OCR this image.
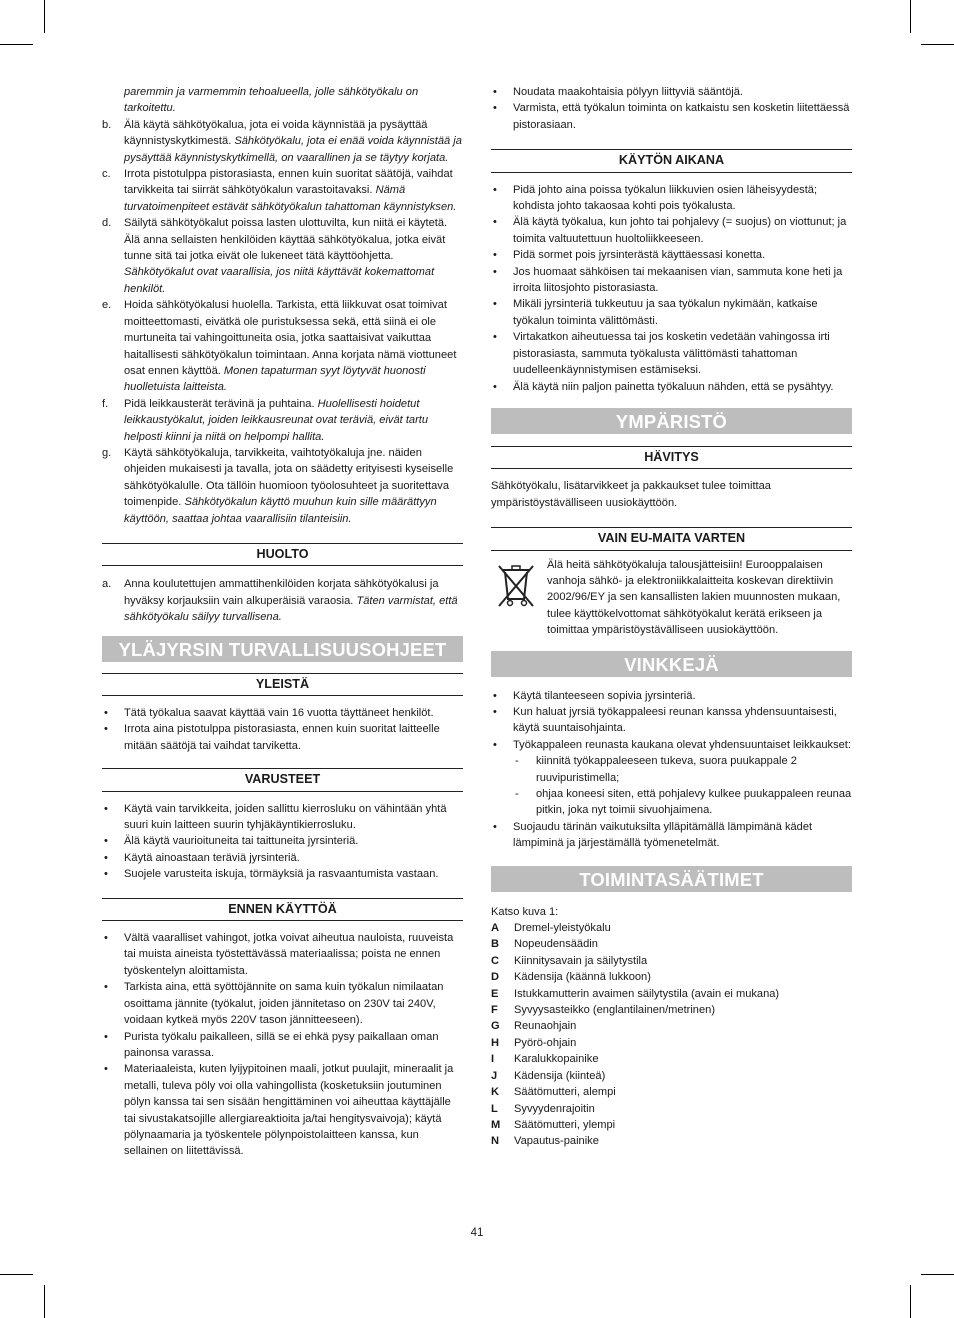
paremmin ja varmemmin tehoalueella, jolle sähkötyökalu on tarkoitettu.

b. Älä käytä sähkötyökalua, jota ei voida käynnistää ja pysäyttää käynnistyskytkimestä. Sähkötyökalu, jota ei enää voida käynnistää ja pysäyttää käynnistyskytkimellä, on vaarallinen ja se täytyy korjata.
c. Irrota pistotulppa pistorasiasta, ennen kuin suoritat säätöjä, vaihdat tarvikkeita tai siirrät sähkötyökalun varastoitavaksi. Nämä turvatoimenpiteet estävät sähkötyökalun tahattoman käynnistyksen.
d. Säilytä sähkötyökalut poissa lasten ulottuvilta, kun niitä ei käytetä. Älä anna sellaisten henkilöiden käyttää sähkötyökalua, jotka eivät tunne sitä tai jotka eivät ole lukeneet tätä käyttöohjetta. Sähkötyökalut ovat vaarallisia, jos niitä käyttävät kokemattomat henkilöt.
e. Hoida sähkötyökalusi huolella. Tarkista, että liikkuvat osat toimivat moitteettomasti, eivätkä ole puristuksessa sekä, että siinä ei ole murtuneita tai vahingoittuneita osia, jotka saattaisivat vaikuttaa haitallisesti sähkötyökalun toimintaan. Anna korjata nämä viottuneet osat ennen käyttöä. Monen tapaturman syyt löytyvät huonosti huolletuista laitteista.
f. Pidä leikkausterät terävinä ja puhtaina. Huolellisesti hoidetut leikkaustyökalut, joiden leikkausreunat ovat teräviä, eivät tartu helposti kiinni ja niitä on helpompi hallita.
g. Käytä sähkötyökaluja, tarvikkeita, vaihtotyökaluja jne. näiden ohjeiden mukaisesti ja tavalla, jota on säädetty erityisesti kyseiselle sähkötyökalulle. Ota tällöin huomioon työolosuhteet ja suoritettava toimenpide. Sähkötyökalun käyttö muuhun kuin sille määrättyyn käyttöön, saattaa johtaa vaarallisiin tilanteisiin.
HUOLTO
a. Anna koulutettujen ammattihenkilöiden korjata sähkötyökalusi ja hyväksy korjauksiin vain alkuperäisiä varaosia. Täten varmistat, että sähkötyökalu säilyy turvallisena.
YLÄJYRSIN TURVALLISUUSOHJEET
YLEISTÄ
• Tätä työkalua saavat käyttää vain 16 vuotta täyttäneet henkilöt.
• Irrota aina pistotulppa pistorasiasta, ennen kuin suoritat laitteelle mitään säätöjä tai vaihdat tarviketta.
VARUSTEET
• Käytä vain tarvikkeita, joiden sallittu kierrosluku on vähintään yhtä suuri kuin laitteen suurin tyhjäkäyntikierrosluku.
• Älä käytä vaurioituneita tai taittuneita jyrsinteriä.
• Käytä ainoastaan teräviä jyrsinteriä.
• Suojele varusteita iskuja, törmäyksiä ja rasvaantumista vastaan.
ENNEN KÄYTTÖÄ
• Vältä vaaralliset vahingot, jotka voivat aiheutua nauloista, ruuveista tai muista aineista työstettävässä materiaalissa; poista ne ennen työskentelyn aloittamista.
• Tarkista aina, että syöttöjännite on sama kuin työkalun nimilaatan osoittama jännite (työkalut, joiden jännitetaso on 230V tai 240V, voidaan kytkeä myös 220V tason jännitteeseen).
• Purista työkalu paikalleen, sillä se ei ehkä pysy paikallaan oman painonsa varassa.
• Materiaaleista, kuten lyijypitoinen maali, jotkut puulajit, mineraalit ja metalli, tuleva pöly voi olla vahingollista (kosketuksiin joutuminen pölyn kanssa tai sen sisään hengittäminen voi aiheuttaa käyttäjälle tai sivustakatsojille allergiareaktioita ja/tai hengitysvaivoja); käytä pölynaamaria ja työskentele pölynpoistolaitteen kanssa, kun sellainen on liitettävissä.
• Noudata maakohtaisia pölyyn liittyviä sääntöjä.
• Varmista, että työkalun toiminta on katkaistu sen kosketin liitettäessä pistorasiaan.
KÄYTÖN AIKANA
• Pidä johto aina poissa työkalun liikkuvien osien läheisyydestä; kohdista johto takaosaa kohti pois työkalusta.
• Älä käytä työkalua, kun johto tai pohjalevy (= suojus) on viottunut; ja toimita valtuutettuun huoltoliikkeeseen.
• Pidä sormet pois jyrsinterästä käyttäessasi konetta.
• Jos huomaat sähköisen tai mekaanisen vian, sammuta kone heti ja irroita liitosjohto pistorasiasta.
• Mikäli jyrsinteriä tukkeutuu ja saa työkalun nykimään, katkaise työkalun toiminta välittömästi.
• Virtakatkon aiheutuessa tai jos kosketin vedetään vahingossa irti pistorasiasta, sammuta työkalusta välittömästi tahattoman uudelleenkäynnistymisen estämiseksi.
• Älä käytä niin paljon painetta työkaluun nähden, että se pysähtyy.
YMPÄRISTÖ
HÄVITYS

Sähkötyökalu, lisätarvikkeet ja pakkaukset tulee toimittaa ympäristöystävälliseen uusiokäyttöön.

VAIN EU-MAITA VARTEN

Älä heitä sähkötyökaluja talousjätteisiin! Eurooppalaisen vanhoja sähkö- ja elektroniikkalaitteita koskevan direktiivin 2002/96/EY ja sen kansallisten lakien muunnosten mukaan, tulee käyttökelvottomat sähkötyökalut kerätä erikseen ja toimittaa ympäristöystävälliseen uusiokäyttöön.

VINKKEJÄ
• Käytä tilanteeseen sopivia jyrsinteriä.
• Kun haluat jyrsiä työkappaleesi reunan kanssa yhdensuuntaisesti, käytä suuntaisohjainta.
• Työkappaleen reunasta kaukana olevat yhdensuuntaiset leikkaukset:
- kiinnitä työkappaleeseen tukeva, suora puukappale 2 ruuvipuristimella;
- ohjaa koneesi siten, että pohjalevy kulkee puukappaleen reunaa pitkin, joka nyt toimii sivuohjaimena.
• Suojaudu tärinän vaikutuksilta ylläpitämällä lämpimänä kädet lämpiminä ja järjestämällä työmenetelmät.
TOIMINTASÄÄTIMET

Katso kuva 1:

A Dremel-yleistyökalu
B Nopeudensäädin
C Kiinnitysavain ja säilytystila
D Kädensija (käännä lukkoon)
E Istukkamutterin avaimen säilytystila (avain ei mukana)
F Syvyysasteikko (englantilainen/metrinen)
G Reunaohjain
H Pyörö-ohjain
I Karalukkopainike
J Kädensija (kiinteä)
K Säätömutteri, alempi
L Syvyydenrajoitin
M Säätömutteri, ylempi
N Vapautus-painike
41
